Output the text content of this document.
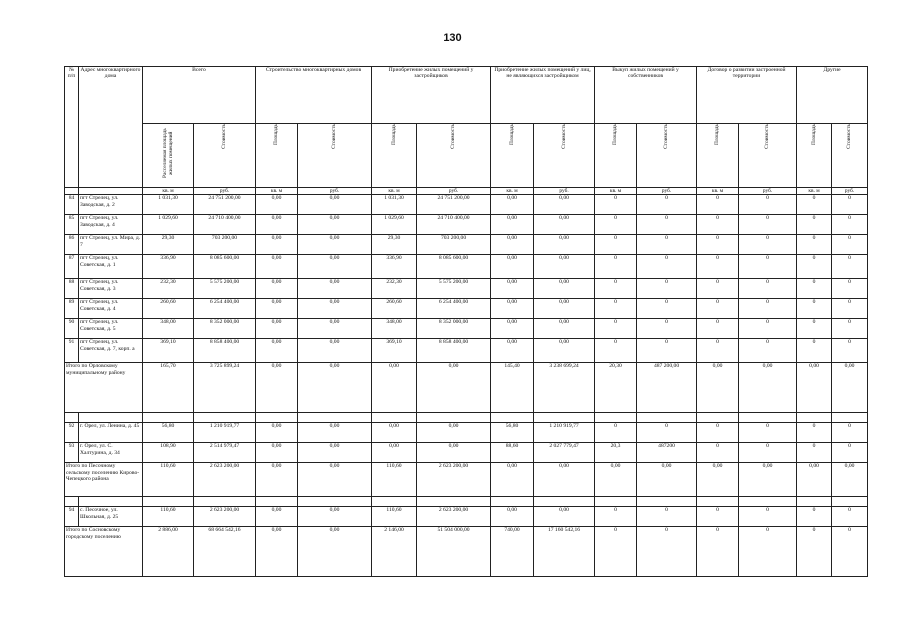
130
№ п/п	Адрес многоквартирного дома	Всего		Строительство многоквартирных домов		Приобретение жилых помещений у застройщиков		Приобретение жилых помещений у лиц, не являющихся застройщиком		Выкуп жилых помещений у собственников		Договор о развитии застроенной территории		Другие	
		Расселяемая площадь жилых помещений	Стоимость	Площадь	Стоимость	Площадь	Стоимость	Площадь	Стоимость	Площадь	Стоимость	Площадь	Стоимость	Площадь	Стоимость
		кв. м	руб.	кв. м	руб.	кв. м	руб.	кв. м	руб.	кв. м	руб.	кв. м	руб.	кв. м	руб.
84	пгт Стрелец, ул. Заводская, д. 2	1 031,30	24 751 200,00	0,00	0,00	1 031,30	24 751 200,00	0,00	0,00	0	0	0	0	0	0
85	пгт Стрелец, ул. Заводская, д. 4	1 029,60	24 710 400,00	0,00	0,00	1 029,60	24 710 400,00	0,00	0,00	0	0	0	0	0	0
86	пгт Стрелец, ул. Мира, д. 7	29,30	703 200,00	0,00	0,00	29,30	703 200,00	0,00	0,00	0	0	0	0	0	0
87	пгт Стрелец, ул. Советская, д. 1	336,90	8 085 600,00	0,00	0,00	336,90	8 085 600,00	0,00	0,00	0	0	0	0	0	0
88	пгт Стрелец, ул. Советская, д. 3	232,30	5 575 200,00	0,00	0,00	232,30	5 575 200,00	0,00	0,00	0	0	0	0	0	0
89	пгт Стрелец, ул. Советская, д. 4	260,60	6 254 400,00	0,00	0,00	260,60	6 254 400,00	0,00	0,00	0	0	0	0	0	0
90	пгт Стрелец, ул. Советская, д. 5	348,00	8 352 000,00	0,00	0,00	348,00	8 352 000,00	0,00	0,00	0	0	0	0	0	0
91	пгт Стрелец, ул. Советская, д. 7, корп. а	369,10	8 858 400,00	0,00	0,00	369,10	8 858 400,00	0,00	0,00	0	0	0	0	0	0
Итого по Орловскому муниципальному району		165,70	3 725 899,24	0,00	0,00	0,00	0,00	145,40	3 238 699,24	20,30	487 200,00	0,00	0,00	0,00	0,00

92	г. Орел, ул. Ленина, д. 45	56,80	1 210 919,77	0,00	0,00	0,00	0,00	56,80	1 210 919,77	0	0	0	0	0	0
93	г. Орел, ул. С. Халтурина, д. 34	108,90	2 514 979,47	0,00	0,00	0,00	0,00	88,60	2 027 779,47	20,3	487200	0	0	0	0
Итого по Песочному сельскому поселению Кирово-Чепецкого района		110,60	2 623 200,00	0,00	0,00	110,60	2 623 200,00	0,00	0,00	0,00	0,00	0,00	0,00	0,00	0,00

94	с. Песочное, ул. Школьная, д. 25	110,60	2 623 200,00	0,00	0,00	110,60	2 623 200,00	0,00	0,00	0	0	0	0	0	0
Итого по Сосновскому городскому поселению		2 886,00	68 664 542,16	0,00	0,00	2 146,00	51 504 000,00	740,00	17 160 542,16	0	0	0	0	0	0
